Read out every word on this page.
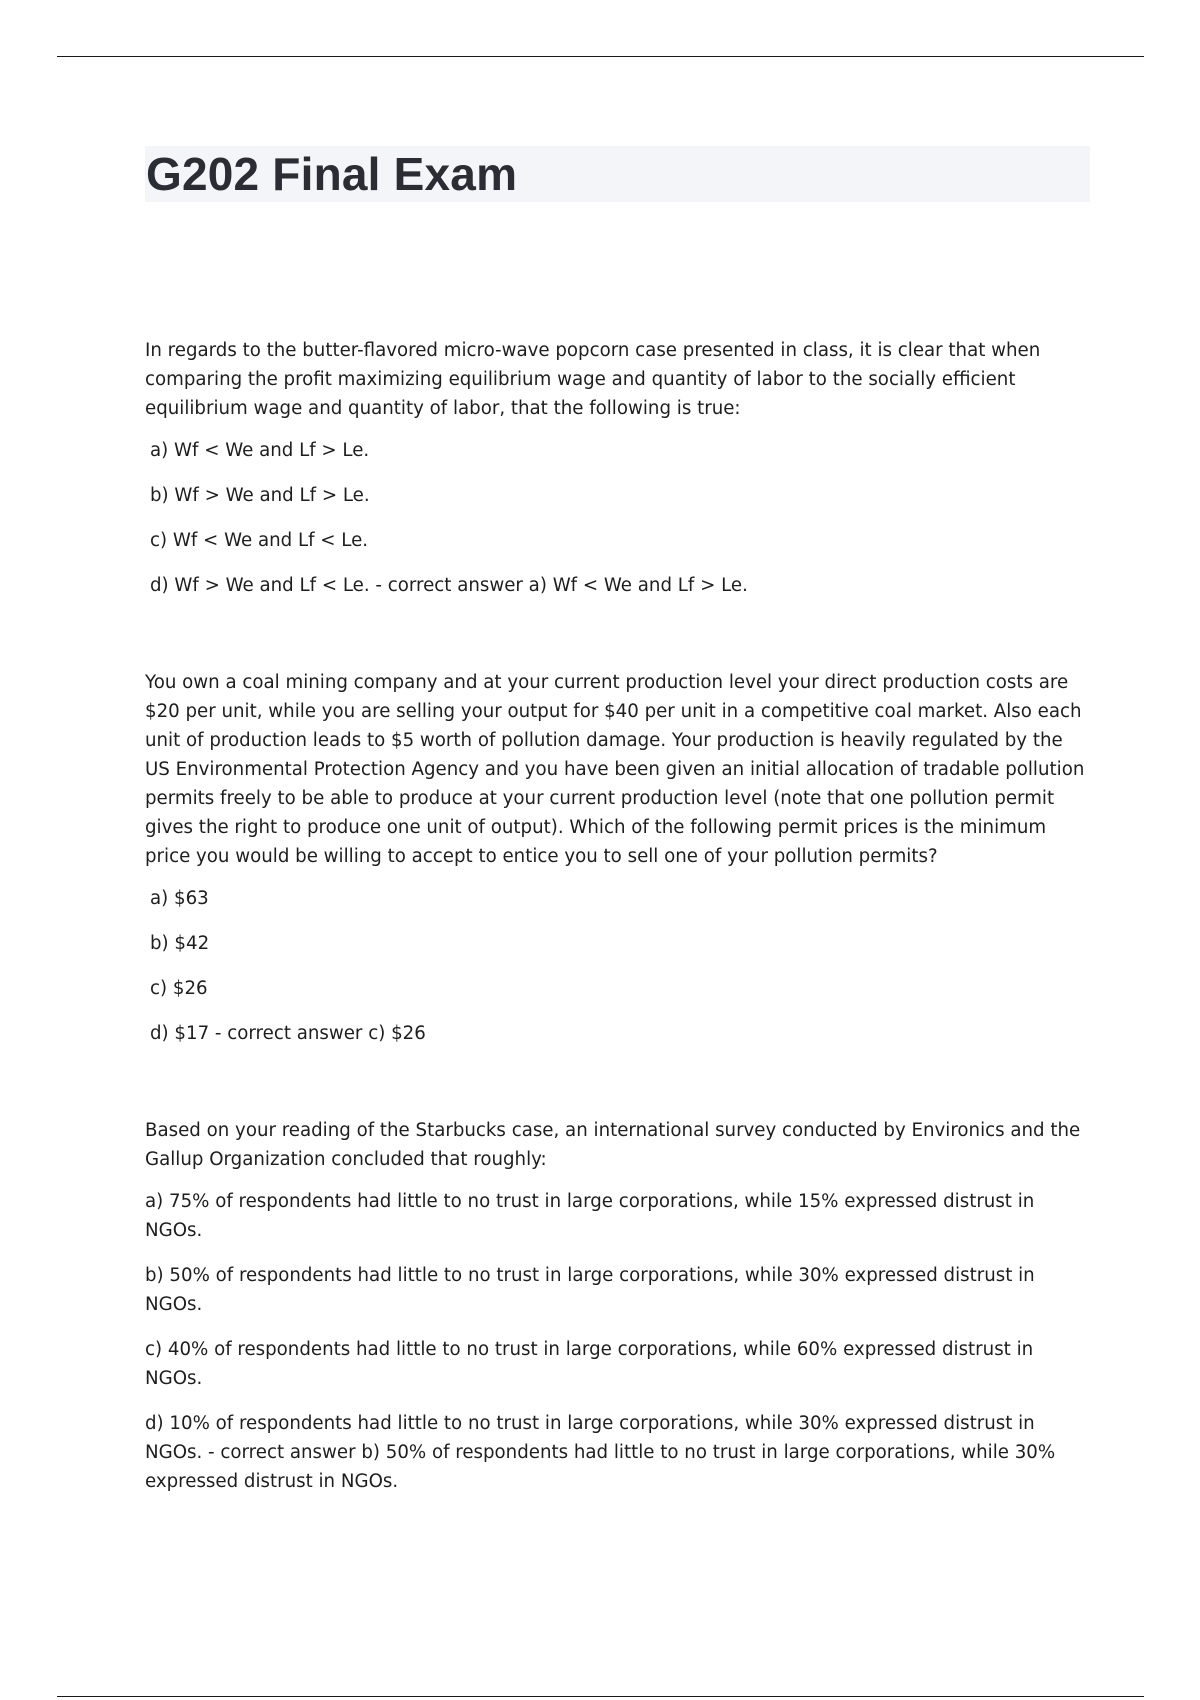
G202 Final Exam

In regards to the butter-flavored micro-wave popcorn case presented in class, it is clear that when comparing the profit maximizing equilibrium wage and quantity of labor to the socially efficient equilibrium wage and quantity of labor, that the following is true:

a) Wf < We and Lf > Le.

b) Wf > We and Lf > Le.

c) Wf < We and Lf < Le.

d) Wf > We and Lf < Le. - correct answer a) Wf < We and Lf > Le.

You own a coal mining company and at your current production level your direct production costs are $20 per unit, while you are selling your output for $40 per unit in a competitive coal market. Also each unit of production leads to $5 worth of pollution damage. Your production is heavily regulated by the US Environmental Protection Agency and you have been given an initial allocation of tradable pollution permits freely to be able to produce at your current production level (note that one pollution permit gives the right to produce one unit of output). Which of the following permit prices is the minimum price you would be willing to accept to entice you to sell one of your pollution permits?

a) $63

b) $42

c) $26

d) $17 - correct answer c) $26

Based on your reading of the Starbucks case, an international survey conducted by Environics and the Gallup Organization concluded that roughly:

a) 75% of respondents had little to no trust in large corporations, while 15% expressed distrust in NGOs.

b) 50% of respondents had little to no trust in large corporations, while 30% expressed distrust in NGOs.

c) 40% of respondents had little to no trust in large corporations, while 60% expressed distrust in NGOs.

d) 10% of respondents had little to no trust in large corporations, while 30% expressed distrust in NGOs. - correct answer b) 50% of respondents had little to no trust in large corporations, while 30% expressed distrust in NGOs.
